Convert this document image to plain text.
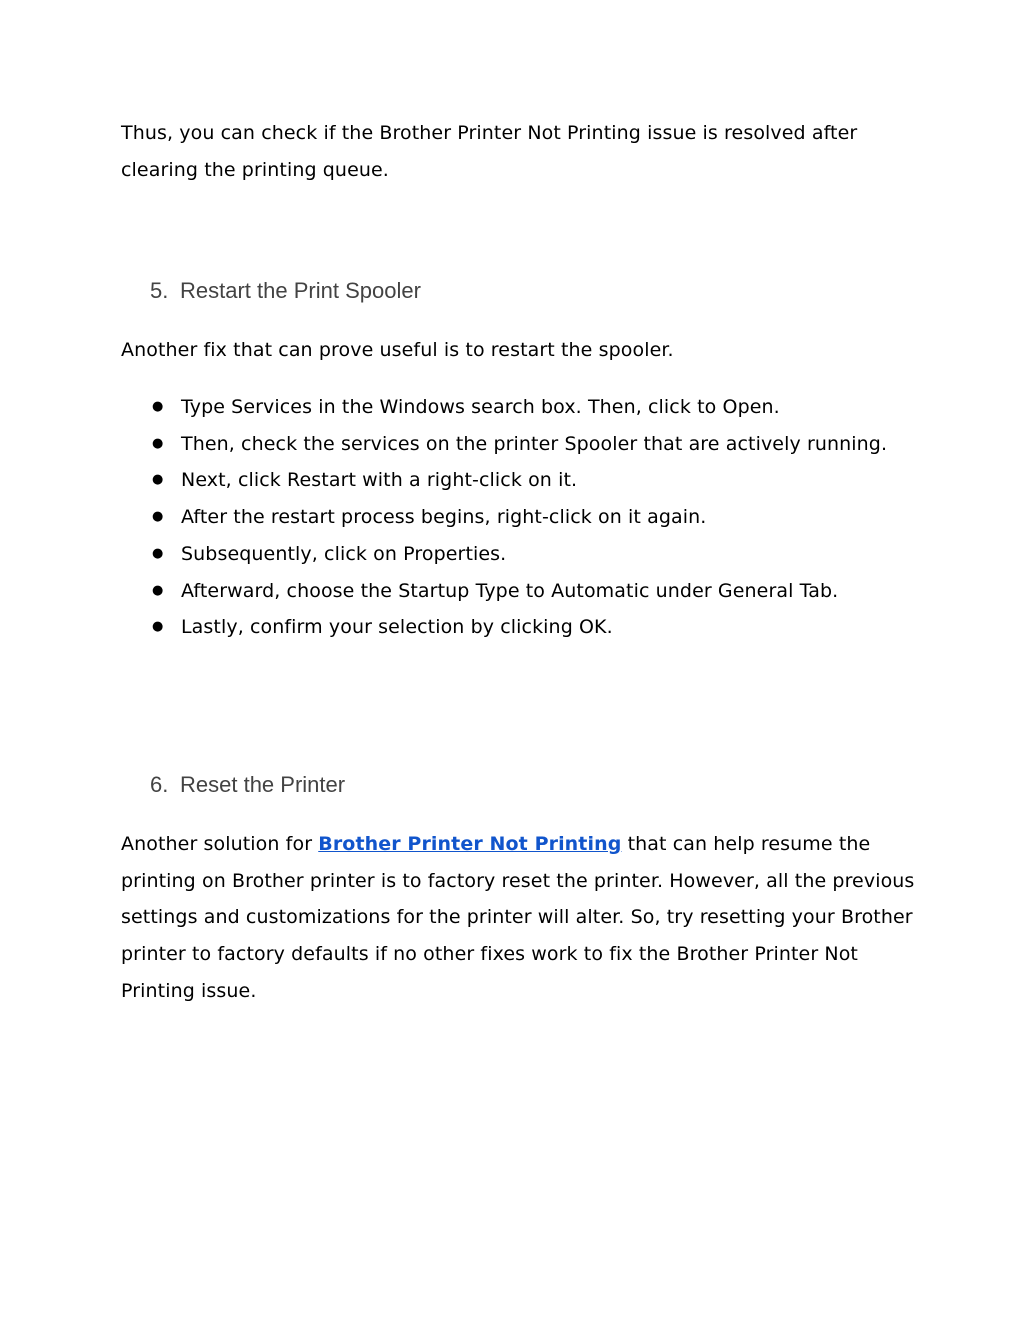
Thus, you can check if the Brother Printer Not Printing issue is resolved after clearing the printing queue.

5. Restart the Print Spooler

Another fix that can prove useful is to restart the spooler.

● Type Services in the Windows search box. Then, click to Open.
● Then, check the services on the printer Spooler that are actively running.
● Next, click Restart with a right-click on it.
● After the restart process begins, right-click on it again.
● Subsequently, click on Properties.
● Afterward, choose the Startup Type to Automatic under General Tab.
● Lastly, confirm your selection by clicking OK.
6. Reset the Printer

Another solution for Brother Printer Not Printing that can help resume the printing on Brother printer is to factory reset the printer. However, all the previous settings and customizations for the printer will alter. So, try resetting your Brother printer to factory defaults if no other fixes work to fix the Brother Printer Not Printing issue.
